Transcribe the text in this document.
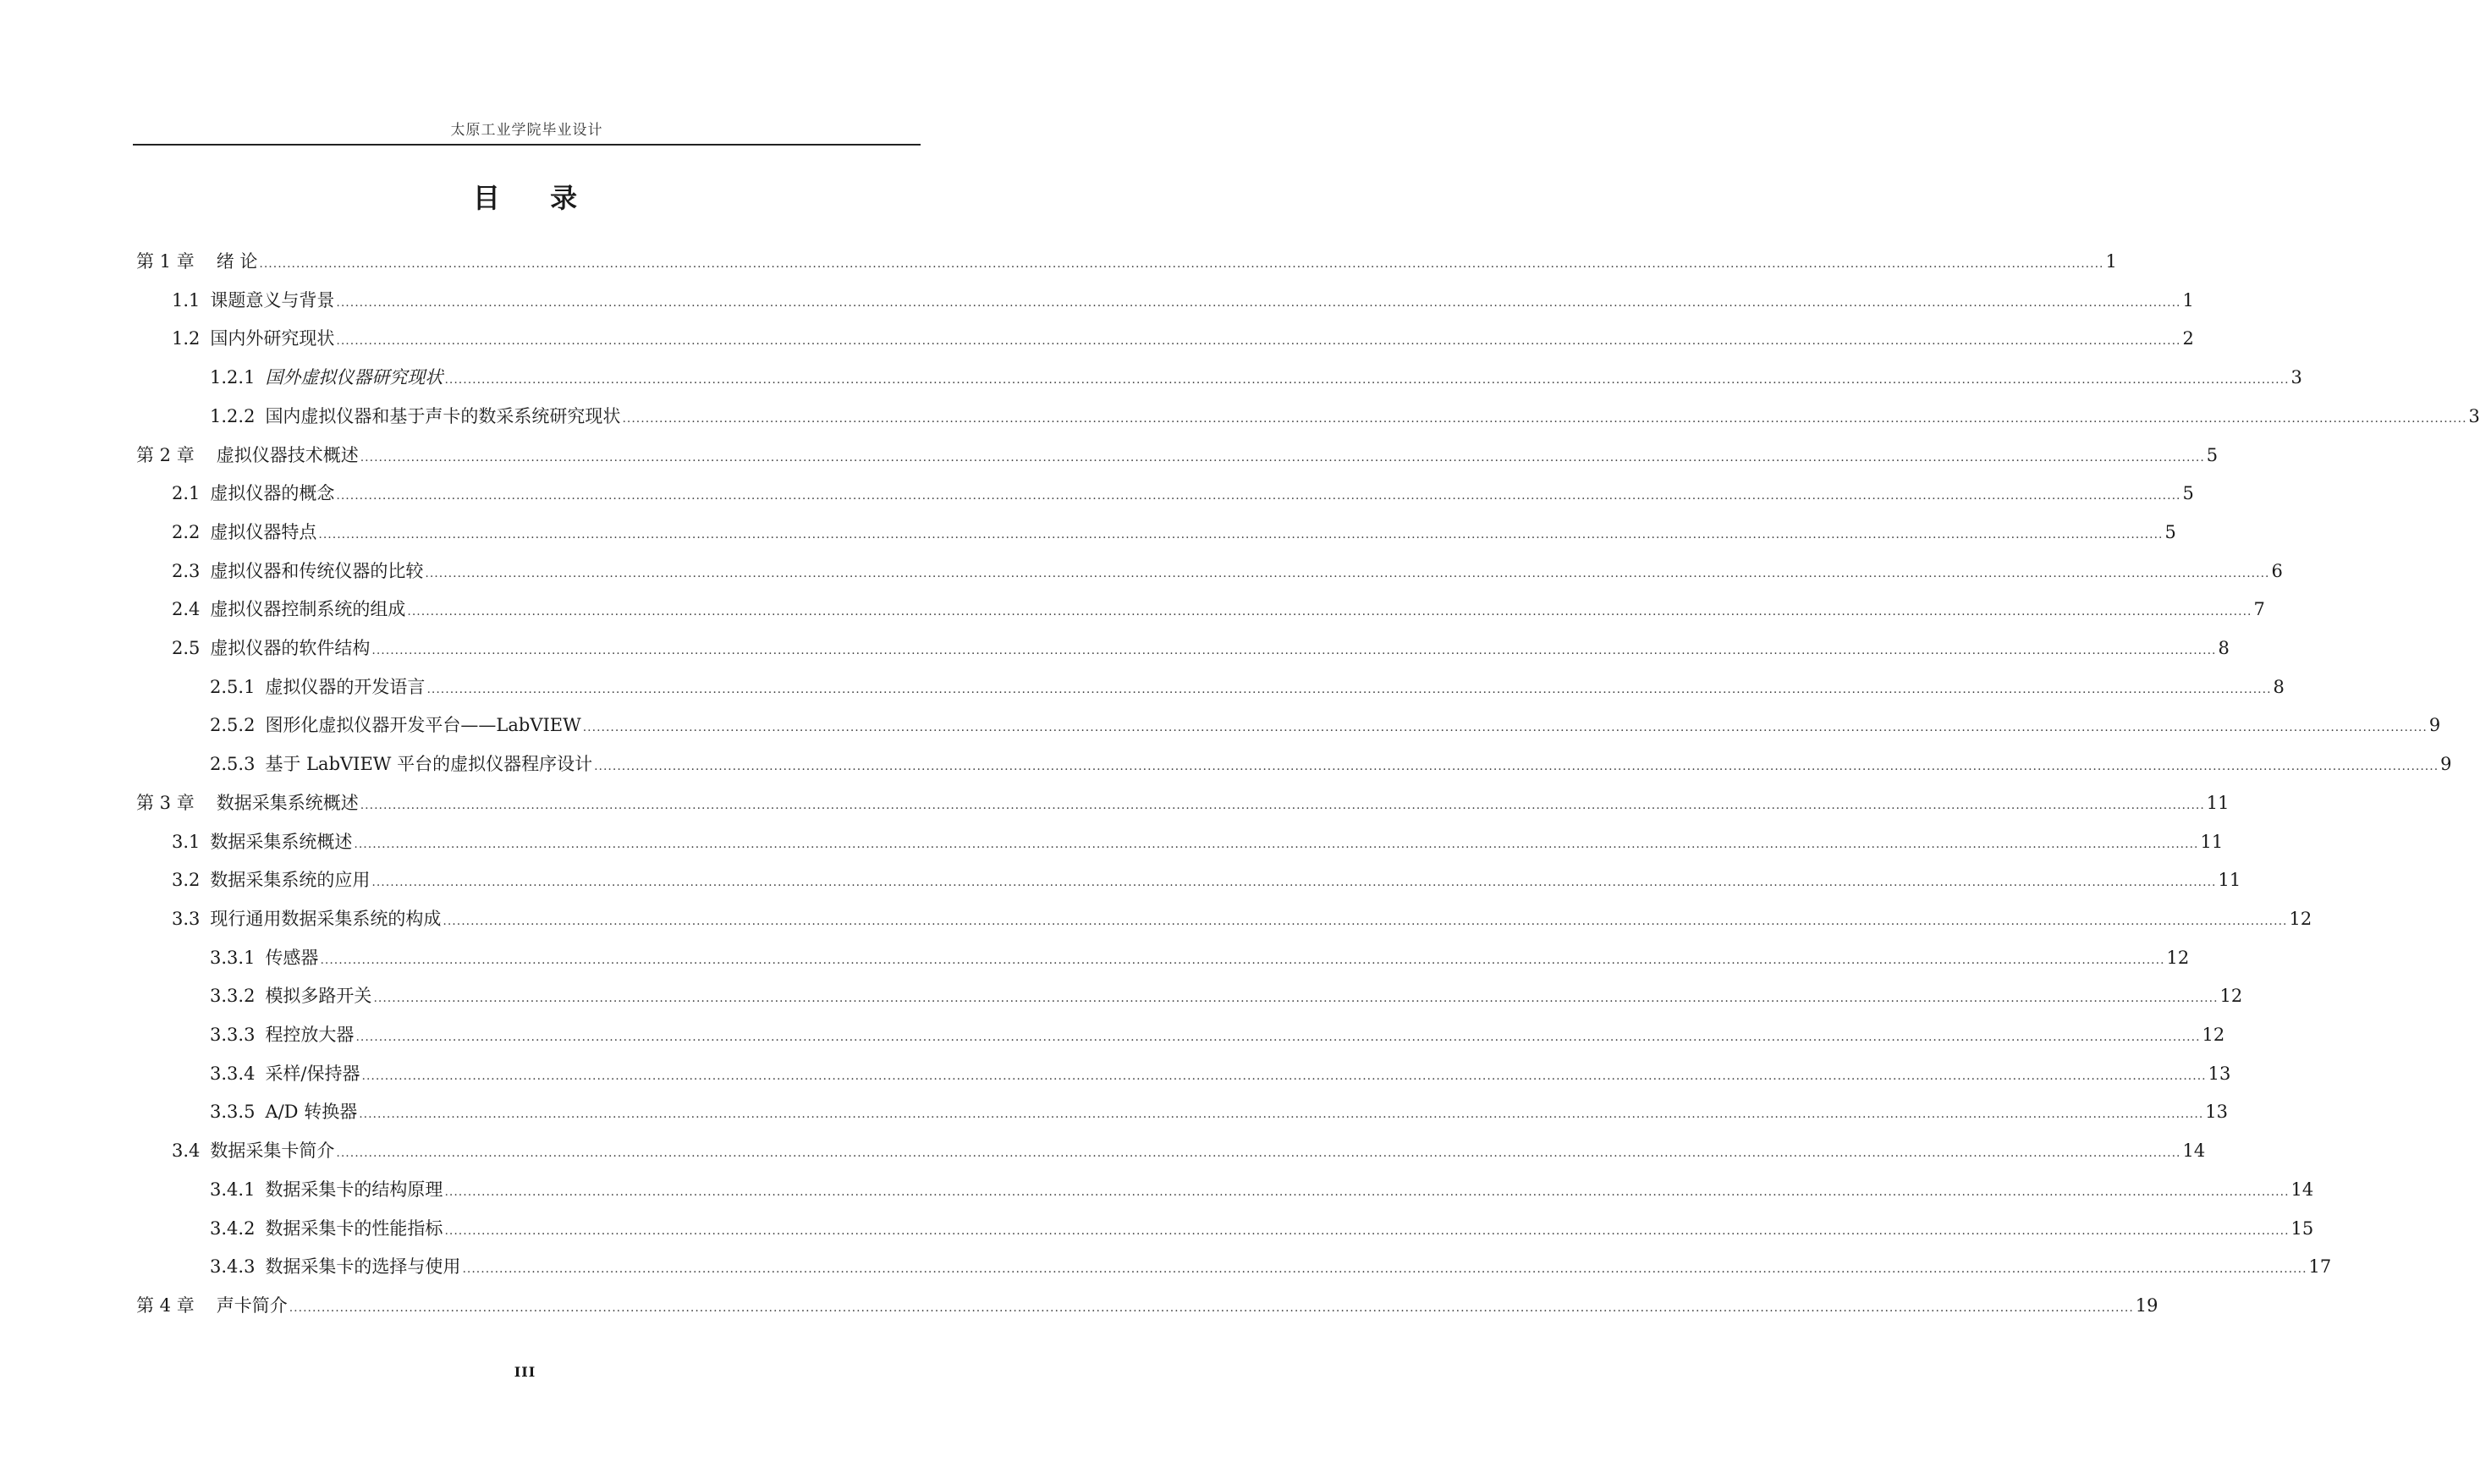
太原工业学院毕业设计
目 录
第 1 章 绪 论 ................................................................................................................................................................................................................................................................................................................................................................................................................ 1
1.1 课题意义与背景 ................................................................................................................................................................................................................................................................................................................................................................................................................ 1
1.2 国内外研究现状 ................................................................................................................................................................................................................................................................................................................................................................................................................ 2
1.2.1 国外虚拟仪器研究现状 ................................................................................................................................................................................................................................................................................................................................................................................................................ 3
1.2.2 国内虚拟仪器和基于声卡的数采系统研究现状 ................................................................................................................................................................................................................................................................................................................................................................................................................ 3
第 2 章 虚拟仪器技术概述 ................................................................................................................................................................................................................................................................................................................................................................................................................ 5
2.1 虚拟仪器的概念 ................................................................................................................................................................................................................................................................................................................................................................................................................ 5
2.2 虚拟仪器特点 ................................................................................................................................................................................................................................................................................................................................................................................................................ 5
2.3 虚拟仪器和传统仪器的比较 ................................................................................................................................................................................................................................................................................................................................................................................................................ 6
2.4 虚拟仪器控制系统的组成 ................................................................................................................................................................................................................................................................................................................................................................................................................ 7
2.5 虚拟仪器的软件结构 ................................................................................................................................................................................................................................................................................................................................................................................................................ 8
2.5.1 虚拟仪器的开发语言 ................................................................................................................................................................................................................................................................................................................................................................................................................ 8
2.5.2 图形化虚拟仪器开发平台——LabVIEW ................................................................................................................................................................................................................................................................................................................................................................................................................ 9
2.5.3 基于 LabVIEW 平台的虚拟仪器程序设计 ................................................................................................................................................................................................................................................................................................................................................................................................................ 9
第 3 章 数据采集系统概述 ................................................................................................................................................................................................................................................................................................................................................................................................................ 11
3.1 数据采集系统概述 ................................................................................................................................................................................................................................................................................................................................................................................................................ 11
3.2 数据采集系统的应用 ................................................................................................................................................................................................................................................................................................................................................................................................................ 11
3.3 现行通用数据采集系统的构成 ................................................................................................................................................................................................................................................................................................................................................................................................................ 12
3.3.1 传感器 ................................................................................................................................................................................................................................................................................................................................................................................................................ 12
3.3.2 模拟多路开关 ................................................................................................................................................................................................................................................................................................................................................................................................................ 12
3.3.3 程控放大器 ................................................................................................................................................................................................................................................................................................................................................................................................................ 12
3.3.4 采样/保持器 ................................................................................................................................................................................................................................................................................................................................................................................................................ 13
3.3.5 A/D 转换器 ................................................................................................................................................................................................................................................................................................................................................................................................................ 13
3.4 数据采集卡简介 ................................................................................................................................................................................................................................................................................................................................................................................................................ 14
3.4.1 数据采集卡的结构原理 ................................................................................................................................................................................................................................................................................................................................................................................................................ 14
3.4.2 数据采集卡的性能指标 ................................................................................................................................................................................................................................................................................................................................................................................................................ 15
3.4.3 数据采集卡的选择与使用 ................................................................................................................................................................................................................................................................................................................................................................................................................ 17
第 4 章 声卡简介 ................................................................................................................................................................................................................................................................................................................................................................................................................ 19
III
